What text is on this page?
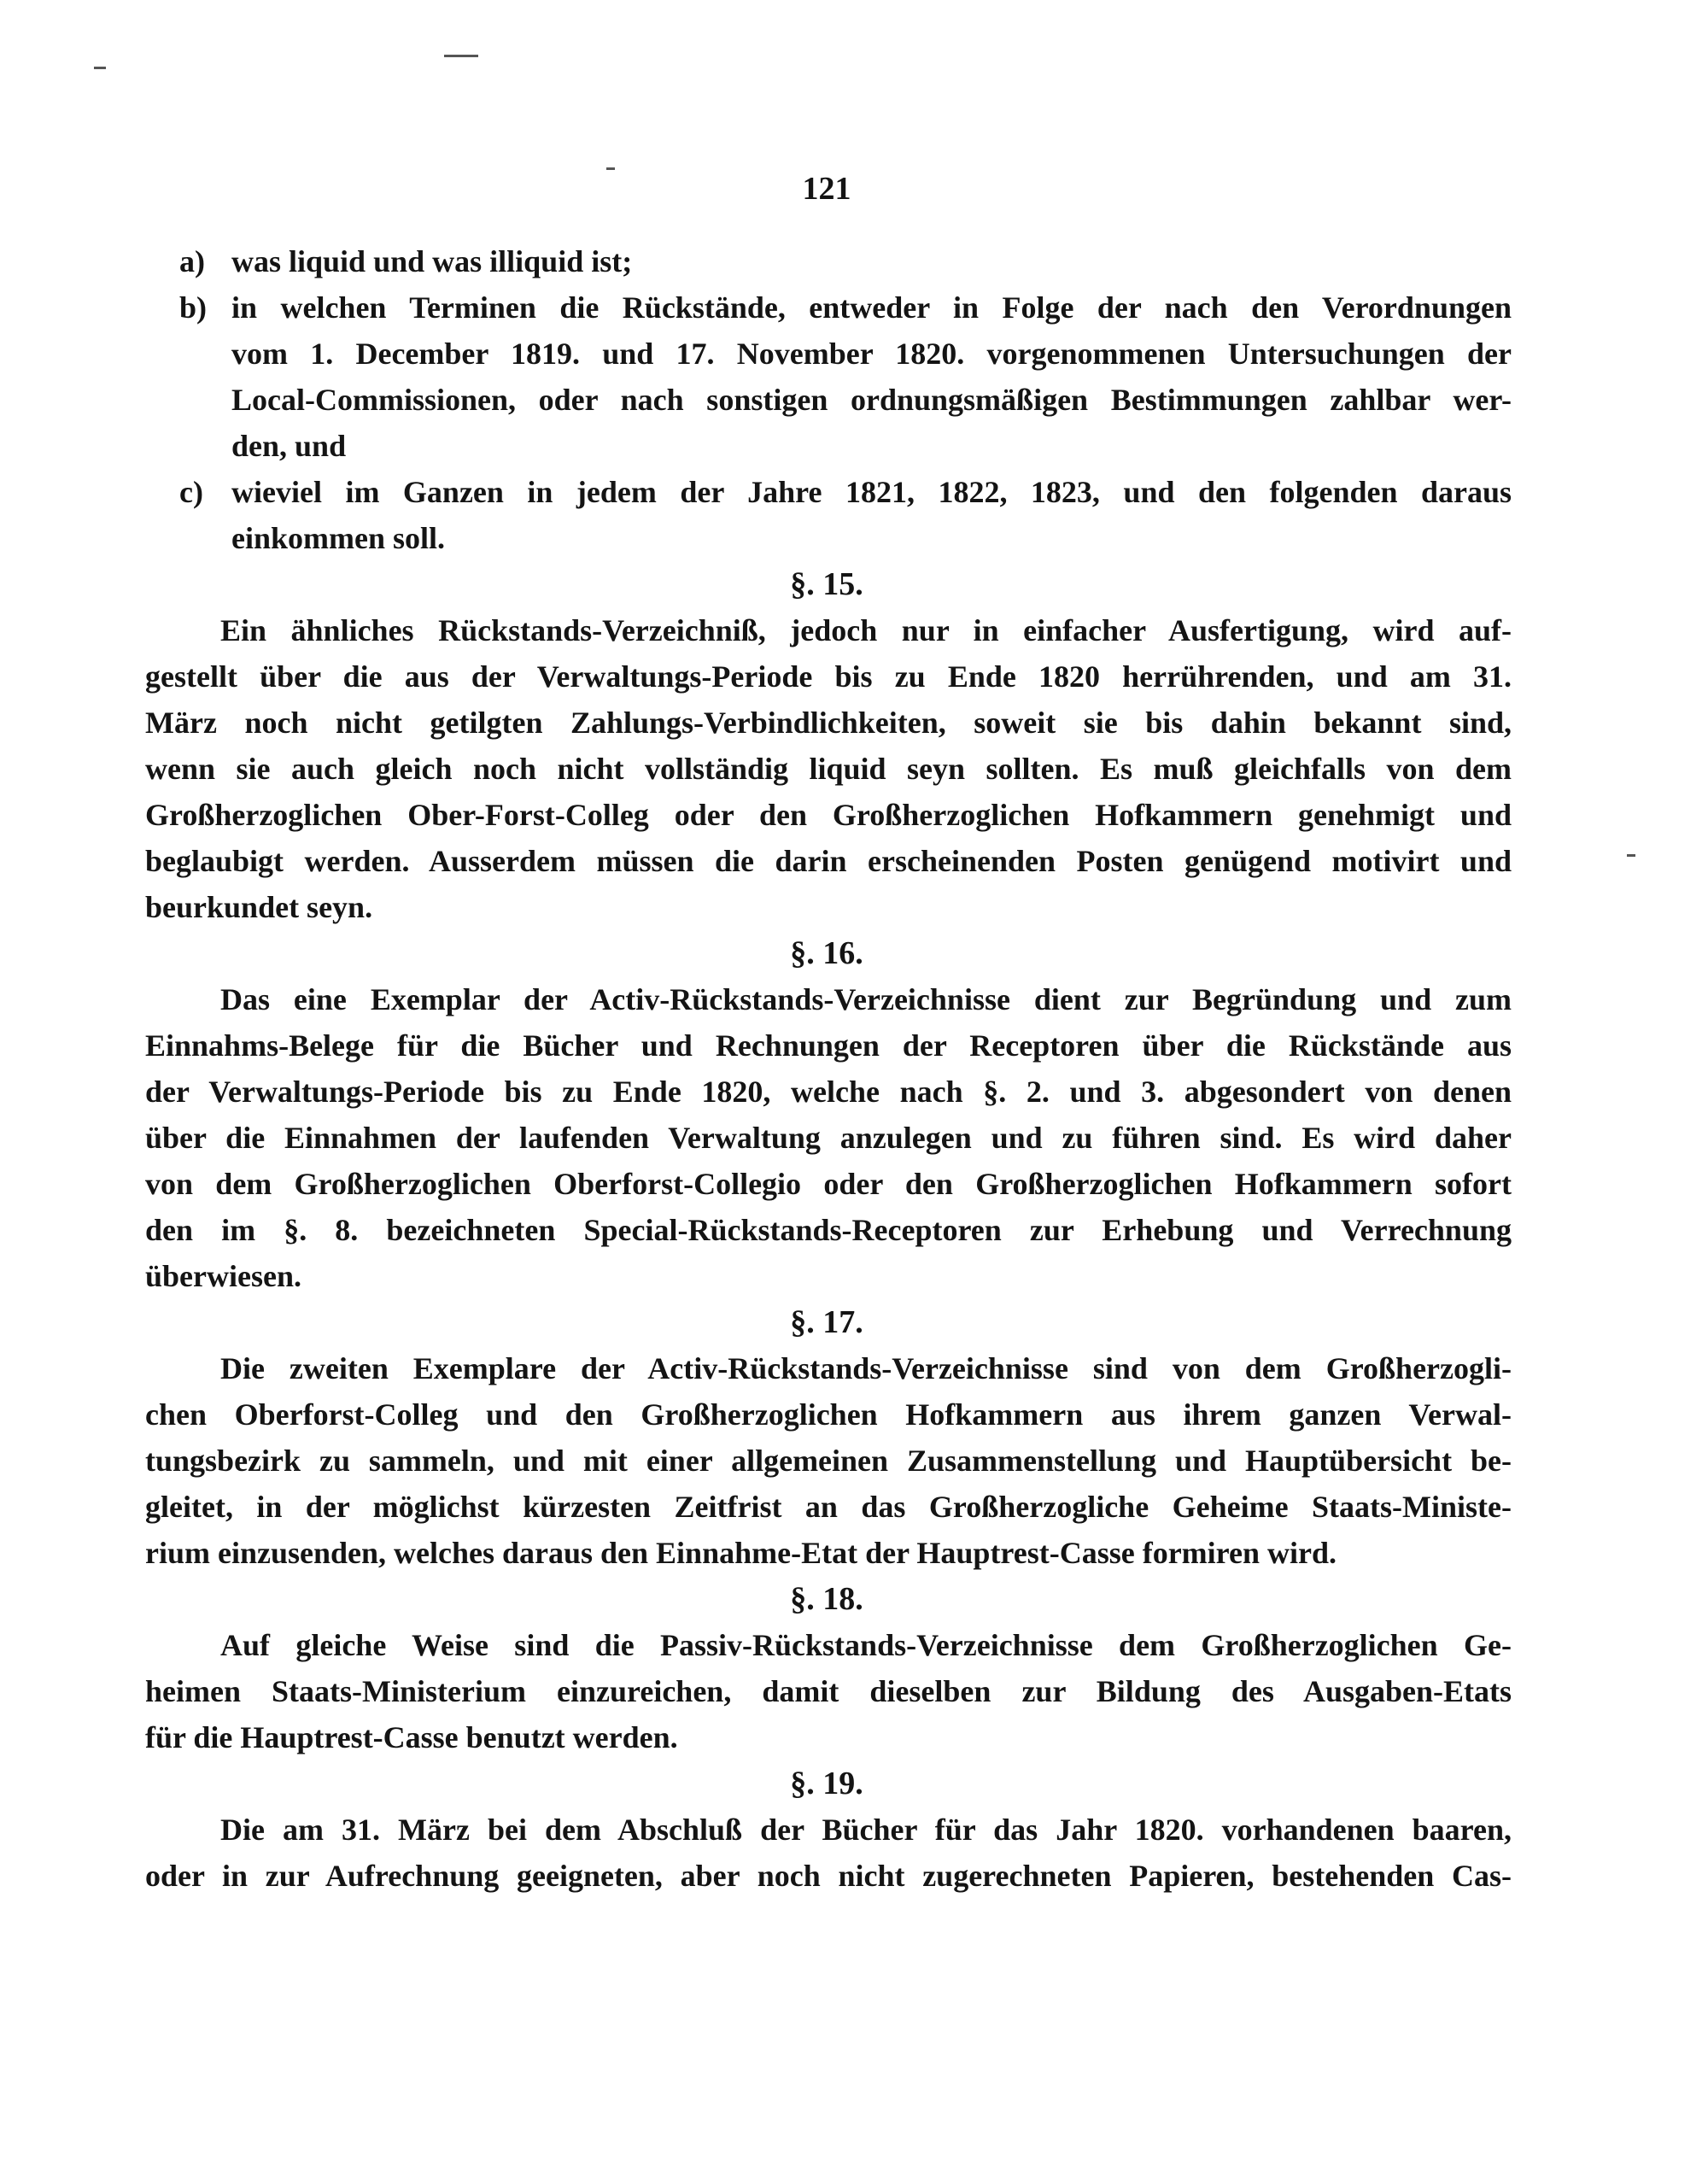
121
a) was liquid und was illiquid ist;
b) in welchen Terminen die Rückstände, entweder in Folge der nach den Verordnungen
vom 1. December 1819. und 17. November 1820. vorgenommenen Untersuchungen der
Local-Commissionen, oder nach sonstigen ordnungsmäßigen Bestimmungen zahlbar wer-
den, und
c) wieviel im Ganzen in jedem der Jahre 1821, 1822, 1823, und den folgenden daraus
einkommen soll.
§. 15.
Ein ähnliches Rückstands-Verzeichniß, jedoch nur in einfacher Ausfertigung, wird auf-
gestellt über die aus der Verwaltungs-Periode bis zu Ende 1820 herrührenden, und am 31.
März noch nicht getilgten Zahlungs-Verbindlichkeiten, soweit sie bis dahin bekannt sind,
wenn sie auch gleich noch nicht vollständig liquid seyn sollten. Es muß gleichfalls von dem
Großherzoglichen Ober-Forst-Colleg oder den Großherzoglichen Hofkammern genehmigt und
beglaubigt werden. Ausserdem müssen die darin erscheinenden Posten genügend motivirt und
beurkundet seyn.
§. 16.
Das eine Exemplar der Activ-Rückstands-Verzeichnisse dient zur Begründung und zum
Einnahms-Belege für die Bücher und Rechnungen der Receptoren über die Rückstände aus
der Verwaltungs-Periode bis zu Ende 1820, welche nach §. 2. und 3. abgesondert von denen
über die Einnahmen der laufenden Verwaltung anzulegen und zu führen sind. Es wird daher
von dem Großherzoglichen Oberforst-Collegio oder den Großherzoglichen Hofkammern sofort
den im §. 8. bezeichneten Special-Rückstands-Receptoren zur Erhebung und Verrechnung
überwiesen.
§. 17.
Die zweiten Exemplare der Activ-Rückstands-Verzeichnisse sind von dem Großherzogli-
chen Oberforst-Colleg und den Großherzoglichen Hofkammern aus ihrem ganzen Verwal-
tungsbezirk zu sammeln, und mit einer allgemeinen Zusammenstellung und Hauptübersicht be-
gleitet, in der möglichst kürzesten Zeitfrist an das Großherzogliche Geheime Staats-Ministe-
rium einzusenden, welches daraus den Einnahme-Etat der Hauptrest-Casse formiren wird.
§. 18.
Auf gleiche Weise sind die Passiv-Rückstands-Verzeichnisse dem Großherzoglichen Ge-
heimen Staats-Ministerium einzureichen, damit dieselben zur Bildung des Ausgaben-Etats
für die Hauptrest-Casse benutzt werden.
§. 19.
Die am 31. März bei dem Abschluß der Bücher für das Jahr 1820. vorhandenen baaren,
oder in zur Aufrechnung geeigneten, aber noch nicht zugerechneten Papieren, bestehenden Cas-
